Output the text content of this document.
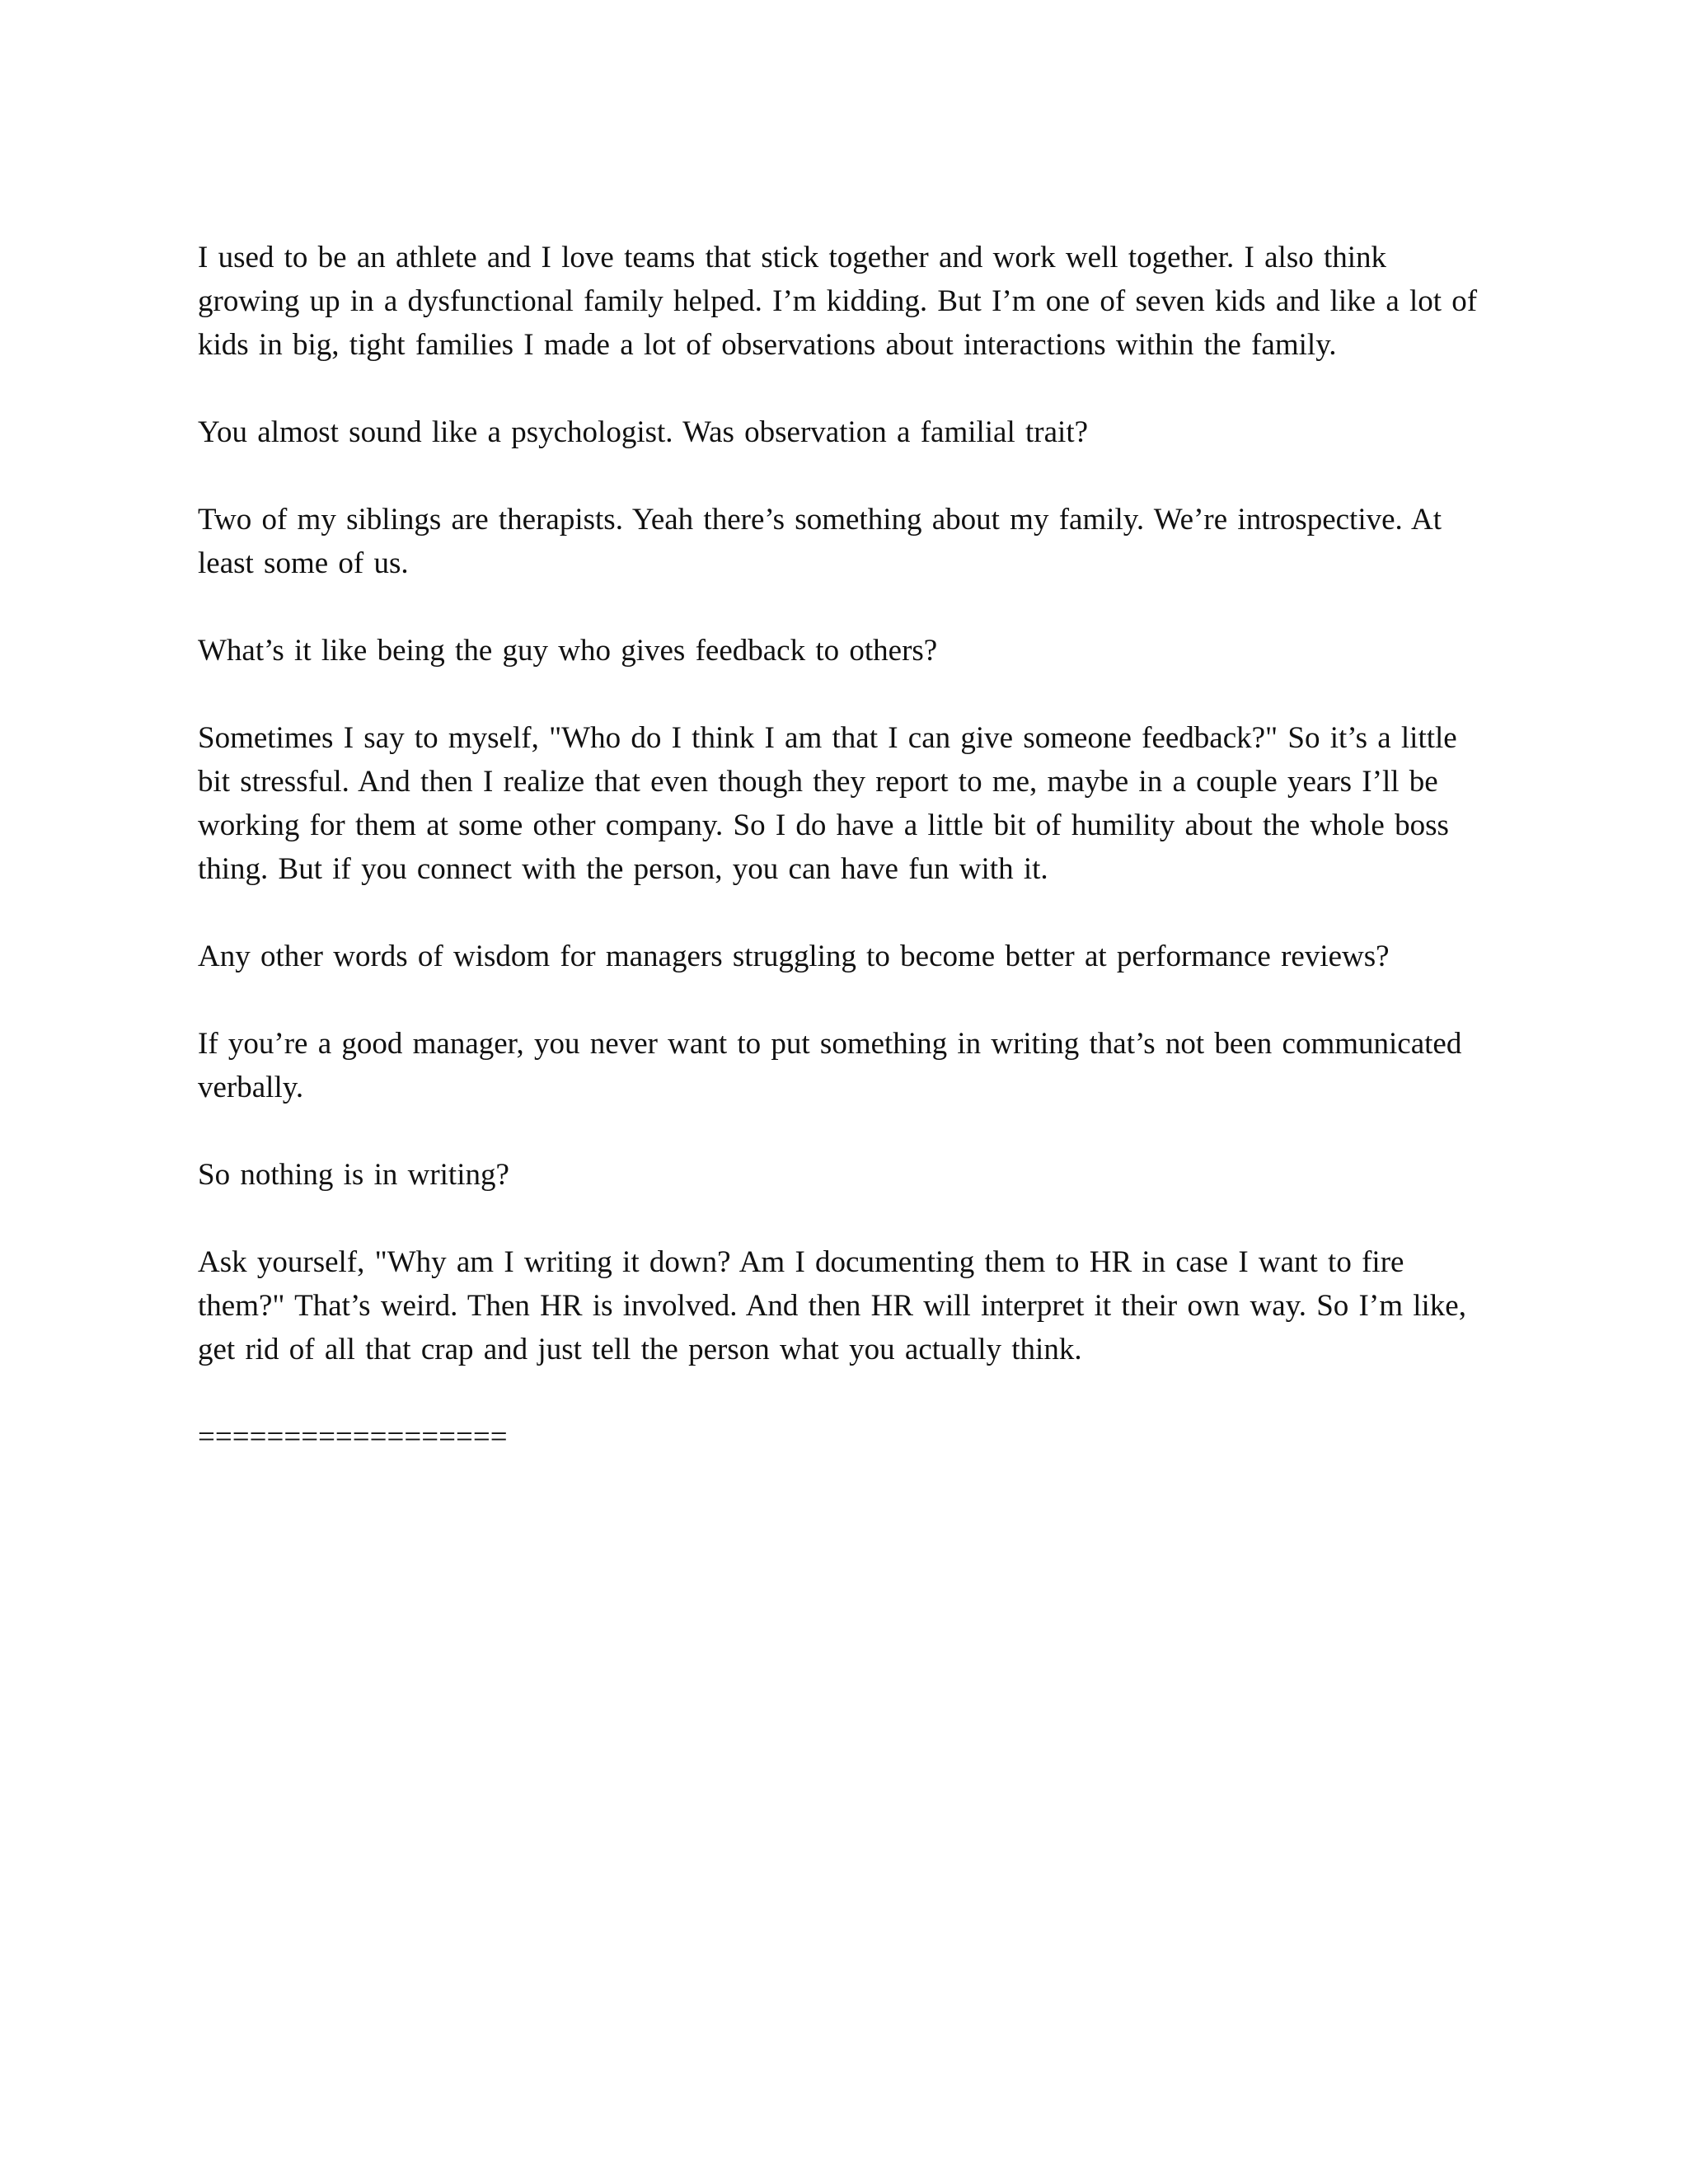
I used to be an athlete and I love teams that stick together and work well together. I also think growing up in a dysfunctional family helped. I’m kidding. But I’m one of seven kids and like a lot of kids in big, tight families I made a lot of observations about interactions within the family.

You almost sound like a psychologist. Was observation a familial trait?

Two of my siblings are therapists. Yeah there’s something about my family. We’re introspective. At least some of us.

What’s it like being the guy who gives feedback to others?

Sometimes I say to myself, "Who do I think I am that I can give someone feedback?" So it’s a little bit stressful. And then I realize that even though they report to me, maybe in a couple years I’ll be working for them at some other company. So I do have a little bit of humility about the whole boss thing. But if you connect with the person, you can have fun with it.

Any other words of wisdom for managers struggling to become better at performance reviews?

If you’re a good manager, you never want to put something in writing that’s not been communicated verbally.

So nothing is in writing?

Ask yourself, "Why am I writing it down? Am I documenting them to HR in case I want to fire them?" That’s weird. Then HR is involved. And then HR will interpret it their own way. So I’m like, get rid of all that crap and just tell the person what you actually think.

==================
